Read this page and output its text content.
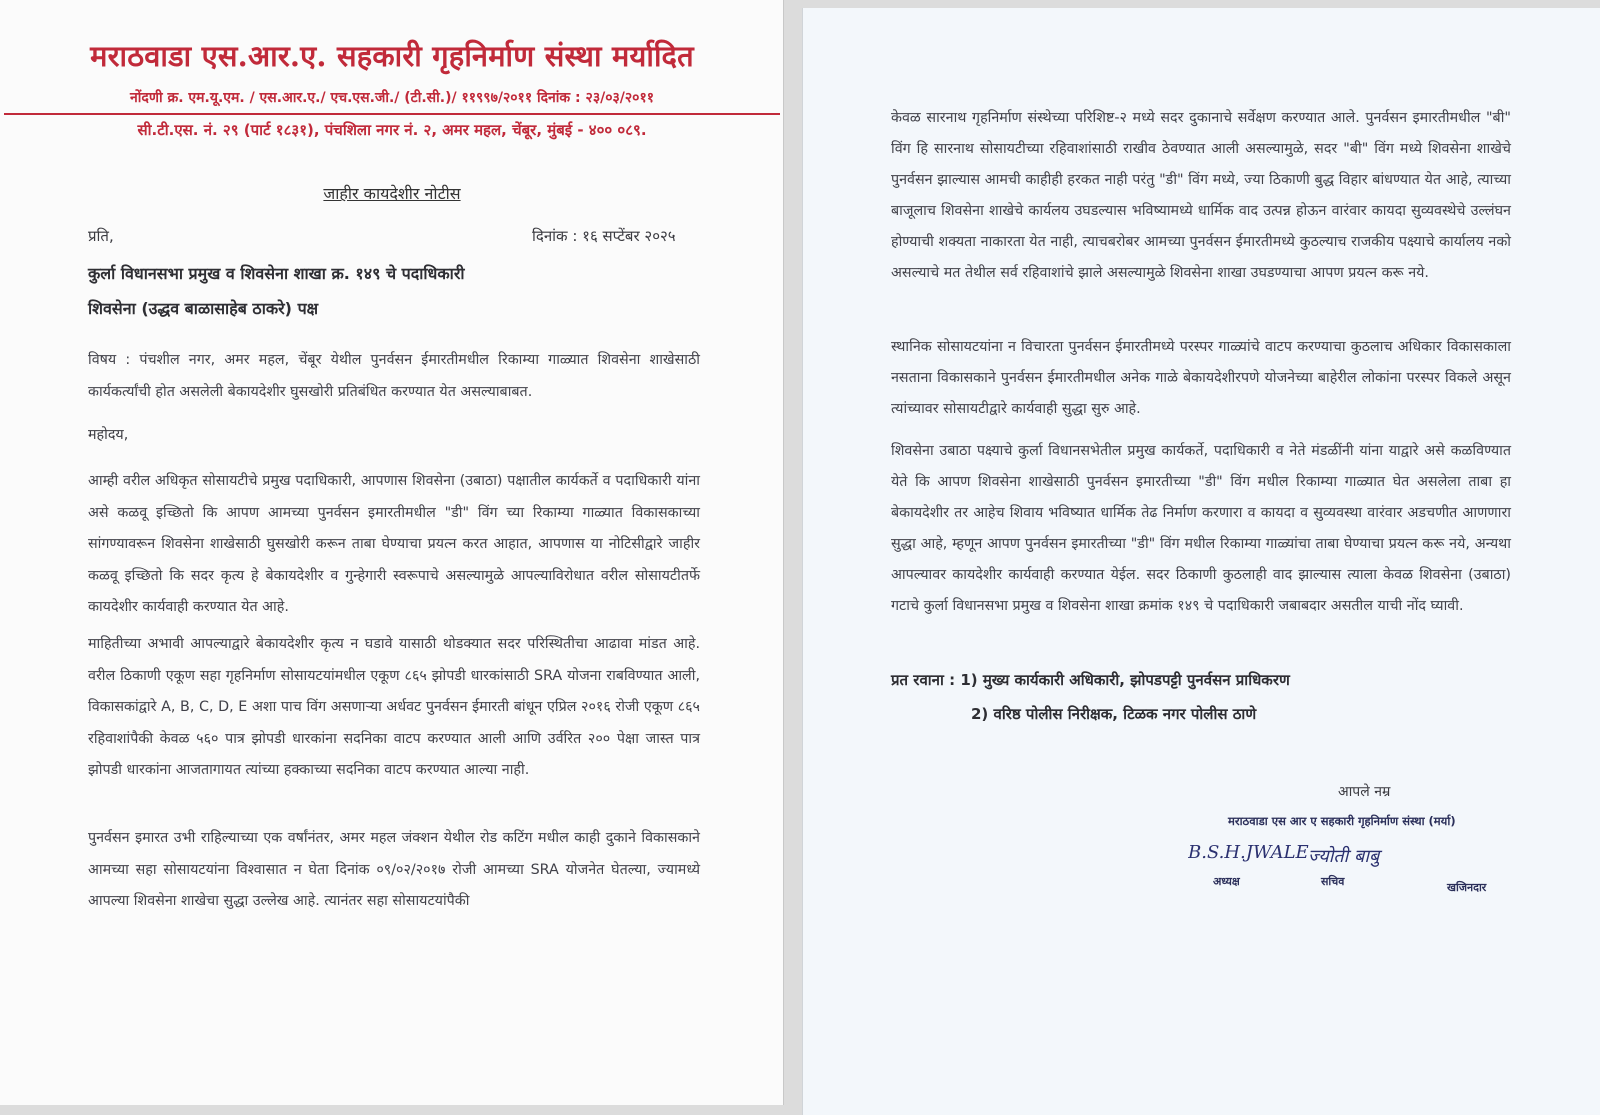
मराठवाडा एस.आर.ए. सहकारी गृहनिर्माण संस्था मर्यादित
नोंदणी क्र. एम.यू.एम. / एस.आर.ए./ एच.एस.जी./ (टी.सी.)/ ११९९७/२०११ दिनांक : २३/०३/२०११
सी.टी.एस. नं. २९ (पार्ट १८३१), पंचशिला नगर नं. २, अमर महल, चेंबूर, मुंबई - ४०० ०८९.
जाहीर कायदेशीर नोटीस
प्रति,	दिनांक : १६ सप्टेंबर २०२५
कुर्ला विधानसभा प्रमुख व शिवसेना शाखा क्र. १४९ चे पदाधिकारी
शिवसेना (उद्धव बाळासाहेब ठाकरे) पक्ष

विषय : पंचशील नगर, अमर महल, चेंबूर येथील पुनर्वसन ईमारतीमधील रिकाम्या गाळ्यात शिवसेना शाखेसाठी कार्यकर्त्यांची होत असलेली बेकायदेशीर घुसखोरी प्रतिबंधित करण्यात येत असल्याबाबत.

महोदय,

आम्ही वरील अधिकृत सोसायटीचे प्रमुख पदाधिकारी, आपणास शिवसेना (उबाठा) पक्षातील कार्यकर्ते व पदाधिकारी यांना असे कळवू इच्छितो कि आपण आमच्या पुनर्वसन इमारतीमधील "डी" विंग च्या रिकाम्या गाळ्यात विकासकाच्या सांगण्यावरून शिवसेना शाखेसाठी घुसखोरी करून ताबा घेण्याचा प्रयत्न करत आहात, आपणास या नोटिसीद्वारे जाहीर कळवू इच्छितो कि सदर कृत्य हे बेकायदेशीर व गुन्हेगारी स्वरूपाचे असल्यामुळे आपल्याविरोधात वरील सोसायटीतर्फे कायदेशीर कार्यवाही करण्यात येत आहे.

माहितीच्या अभावी आपल्याद्वारे बेकायदेशीर कृत्य न घडावे यासाठी थोडक्यात सदर परिस्थितीचा आढावा मांडत आहे. वरील ठिकाणी एकूण सहा गृहनिर्माण सोसायटयांमधील एकूण ८६५ झोपडी धारकांसाठी SRA योजना राबविण्यात आली, विकासकांद्वारे A, B, C, D, E अशा पाच विंग असणाऱ्या अर्धवट पुनर्वसन ईमारती बांधून एप्रिल २०१६ रोजी एकूण ८६५ रहिवाशांपैकी केवळ ५६० पात्र झोपडी धारकांना सदनिका वाटप करण्यात आली आणि उर्वरित २०० पेक्षा जास्त पात्र झोपडी धारकांना आजतागायत त्यांच्या हक्काच्या सदनिका वाटप करण्यात आल्या नाही.

पुनर्वसन इमारत उभी राहिल्याच्या एक वर्षांनंतर, अमर महल जंक्शन येथील रोड कटिंग मधील काही दुकाने विकासकाने आमच्या सहा सोसायटयांना विश्वासात न घेता दिनांक ०९/०२/२०१७ रोजी आमच्या SRA योजनेत घेतल्या, ज्यामध्ये आपल्या शिवसेना शाखेचा सुद्धा उल्लेख आहे. त्यानंतर सहा सोसायटयांपैकी

केवळ सारनाथ गृहनिर्माण संस्थेच्या परिशिष्ट-२ मध्ये सदर दुकानाचे सर्वेक्षण करण्यात आले. पुनर्वसन इमारतीमधील "बी" विंग हि सारनाथ सोसायटीच्या रहिवाशांसाठी राखीव ठेवण्यात आली असल्यामुळे, सदर "बी" विंग मध्ये शिवसेना शाखेचे पुनर्वसन झाल्यास आमची काहीही हरकत नाही परंतु "डी" विंग मध्ये, ज्या ठिकाणी बुद्ध विहार बांधण्यात येत आहे, त्याच्या बाजूलाच शिवसेना शाखेचे कार्यलय उघडल्यास भविष्यामध्ये धार्मिक वाद उत्पन्न होऊन वारंवार कायदा सुव्यवस्थेचे उल्लंघन होण्याची शक्यता नाकारता येत नाही, त्याचबरोबर आमच्या पुनर्वसन ईमारतीमध्ये कुठल्याच राजकीय पक्ष्याचे कार्यालय नको असल्याचे मत तेथील सर्व रहिवाशांचे झाले असल्यामुळे शिवसेना शाखा उघडण्याचा आपण प्रयत्न करू नये.

स्थानिक सोसायटयांना न विचारता पुनर्वसन ईमारतीमध्ये परस्पर गाळ्यांचे वाटप करण्याचा कुठलाच अधिकार विकासकाला नसताना विकासकाने पुनर्वसन ईमारतीमधील अनेक गाळे बेकायदेशीरपणे योजनेच्या बाहेरील लोकांना परस्पर विकले असून त्यांच्यावर सोसायटीद्वारे कार्यवाही सुद्धा सुरु आहे.

शिवसेना उबाठा पक्ष्याचे कुर्ला विधानसभेतील प्रमुख कार्यकर्ते, पदाधिकारी व नेते मंडळींनी यांना याद्वारे असे कळविण्यात येते कि आपण शिवसेना शाखेसाठी पुनर्वसन इमारतीच्या "डी" विंग मधील रिकाम्या गाळ्यात घेत असलेला ताबा हा बेकायदेशीर तर आहेच शिवाय भविष्यात धार्मिक तेढ निर्माण करणारा व कायदा व सुव्यवस्था वारंवार अडचणीत आणणारा सुद्धा आहे, म्हणून आपण पुनर्वसन इमारतीच्या "डी" विंग मधील रिकाम्या गाळ्यांचा ताबा घेण्याचा प्रयत्न करू नये, अन्यथा आपल्यावर कायदेशीर कार्यवाही करण्यात येईल. सदर ठिकाणी कुठलाही वाद झाल्यास त्याला केवळ शिवसेना (उबाठा) गटाचे कुर्ला विधानसभा प्रमुख व शिवसेना शाखा क्रमांक १४९ चे पदाधिकारी जबाबदार असतील याची नोंद घ्यावी.

प्रत रवाना : 1) मुख्य कार्यकारी अधिकारी, झोपडपट्टी पुनर्वसन प्राधिकरण
2) वरिष्ठ पोलीस निरीक्षक, टिळक नगर पोलीस ठाणे
आपले नम्र
मराठवाडा एस आर ए सहकारी गृहनिर्माण संस्था (मर्या)
B.S.H.JWALE ज्योती बाबु
अध्यक्ष	सचिव	खजिनदार
